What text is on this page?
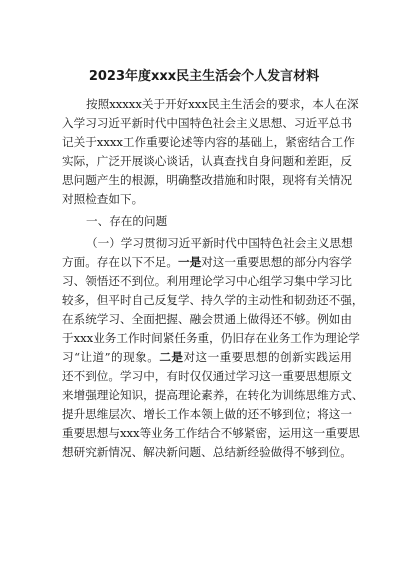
2023年度xxx民主生活会个人发言材料
按照xxxxx关于开好xxx民主生活会的要求，本人在深
入学习习近平新时代中国特色社会主义思想、习近平总书
记关于xxxx工作重要论述等内容的基础上，紧密结合工作
实际，广泛开展谈心谈话，认真查找自身问题和差距，反
思问题产生的根源，明确整改措施和时限，现将有关情况
对照检查如下。
一、存在的问题
（一）学习贯彻习近平新时代中国特色社会主义思想
方面。存在以下不足。一是对这一重要思想的部分内容学
习、领悟还不到位。利用理论学习中心组学习集中学习比
较多，但平时自己反复学、持久学的主动性和韧劲还不强，
在系统学习、全面把握、融会贯通上做得还不够。例如由
于xxx业务工作时间紧任务重，仍旧存在业务工作为理论学
习“让道”的现象。二是对这一重要思想的创新实践运用
还不到位。学习中，有时仅仅通过学习这一重要思想原文
来增强理论知识，提高理论素养，在转化为训练思维方式、
提升思维层次、增长工作本领上做的还不够到位；将这一
重要思想与xxx等业务工作结合不够紧密，运用这一重要思
想研究新情况、解决新问题、总结新经验做得不够到位。
